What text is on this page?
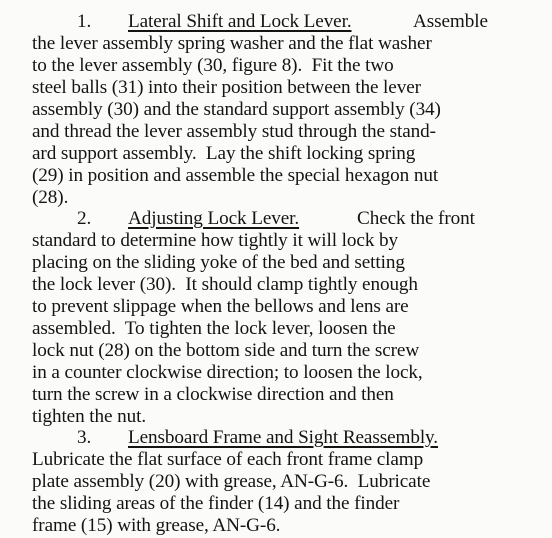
1. Lateral Shift and Lock Lever.	Assemble
the lever assembly spring washer and the flat washer
to the lever assembly (30, figure 8).  Fit the two
steel balls (31) into their position between the lever
assembly (30) and the standard support assembly (34)
and thread the lever assembly stud through the stand-
ard support assembly.  Lay the shift locking spring
(29) in position and assemble the special hexagon nut
(28).
2. Adjusting Lock Lever.	Check the front
standard to determine how tightly it will lock by
placing on the sliding yoke of the bed and setting
the lock lever (30).  It should clamp tightly enough
to prevent slippage when the bellows and lens are
assembled.  To tighten the lock lever, loosen the
lock nut (28) on the bottom side and turn the screw
in a counter clockwise direction; to loosen the lock,
turn the screw in a clockwise direction and then
tighten the nut.
3. Lensboard Frame and Sight Reassembly.
Lubricate the flat surface of each front frame clamp
plate assembly (20) with grease, AN-G-6.  Lubricate
the sliding areas of the finder (14) and the finder
frame (15) with grease, AN-G-6.
